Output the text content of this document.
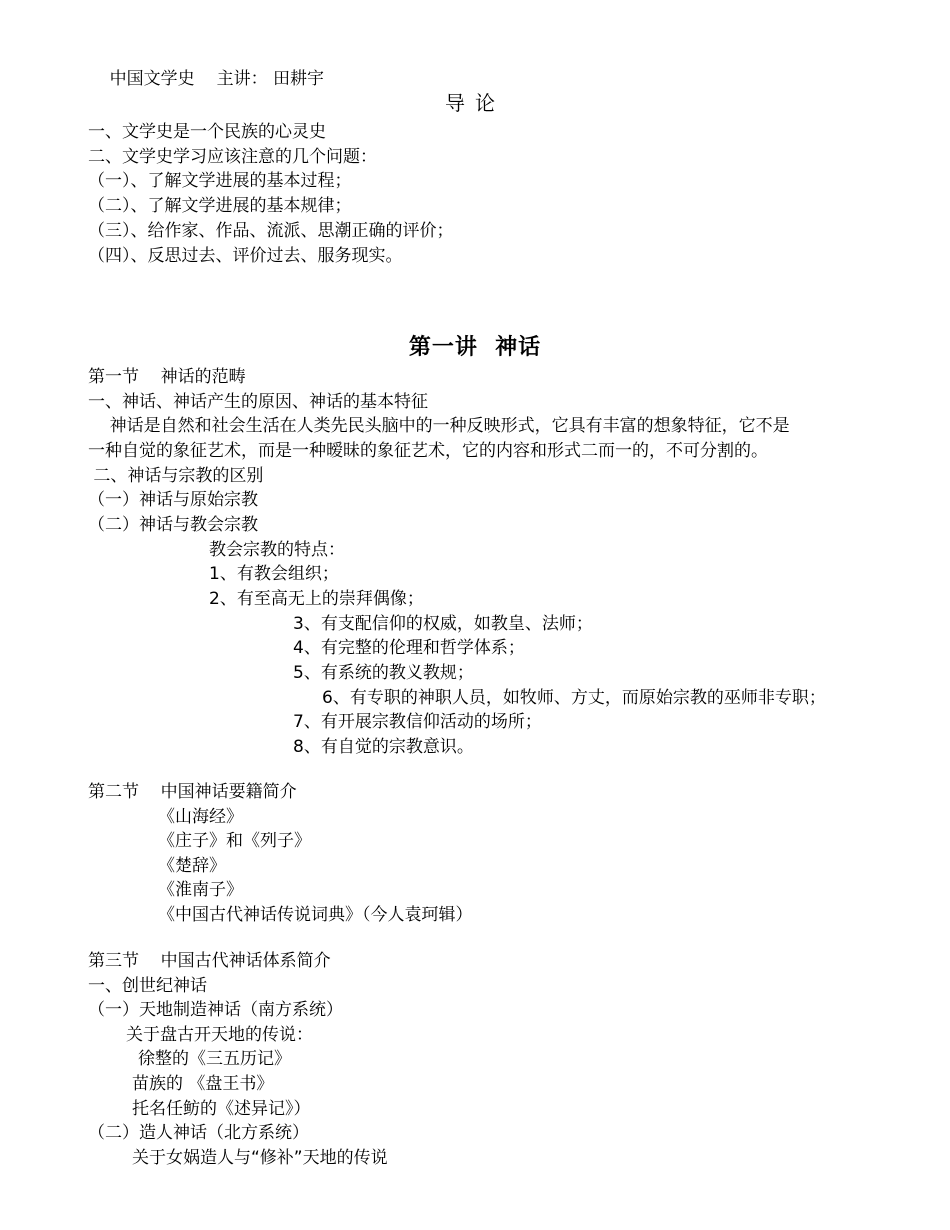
中国文学史 主讲： 田耕宇

导论
一、文学史是一个民族的心灵史
二、文学史学习应该注意的几个问题：
（一）、了解文学进展的基本过程；
（二）、了解文学进展的基本规律；
（三）、给作家、作品、流派、思潮正确的评价；
（四）、反思过去、评价过去、服务现实。
第一讲  神话
第一节    神话的范畴
一、神话、神话产生的原因、神话的基本特征
神话是自然和社会生活在人类先民头脑中的一种反映形式，它具有丰富的想象特征，它不是
一种自觉的象征艺术，而是一种暧昧的象征艺术，它的内容和形式二而一的，不可分割的。
二、神话与宗教的区别
（一）神话与原始宗教
（二）神话与教会宗教
教会宗教的特点：
1、有教会组织；
2、有至高无上的崇拜偶像；
3、有支配信仰的权威，如教皇、法师；
4、有完整的伦理和哲学体系；
5、有系统的教义教规；
6、有专职的神职人员，如牧师、方丈，而原始宗教的巫师非专职；
7、有开展宗教信仰活动的场所；
8、有自觉的宗教意识。
第二节    中国神话要籍简介
《山海经》
《庄子》和《列子》
《楚辞》
《淮南子》
《中国古代神话传说词典》（今人袁珂辑）
第三节    中国古代神话体系简介
一、创世纪神话
（一）天地制造神话（南方系统）
关于盘古开天地的传说：
徐整的《三五历记》
苗族的 《盘王书》
托名任鲂的《述异记》）
（二）造人神话（北方系统）
关于女娲造人与“修补”天地的传说
